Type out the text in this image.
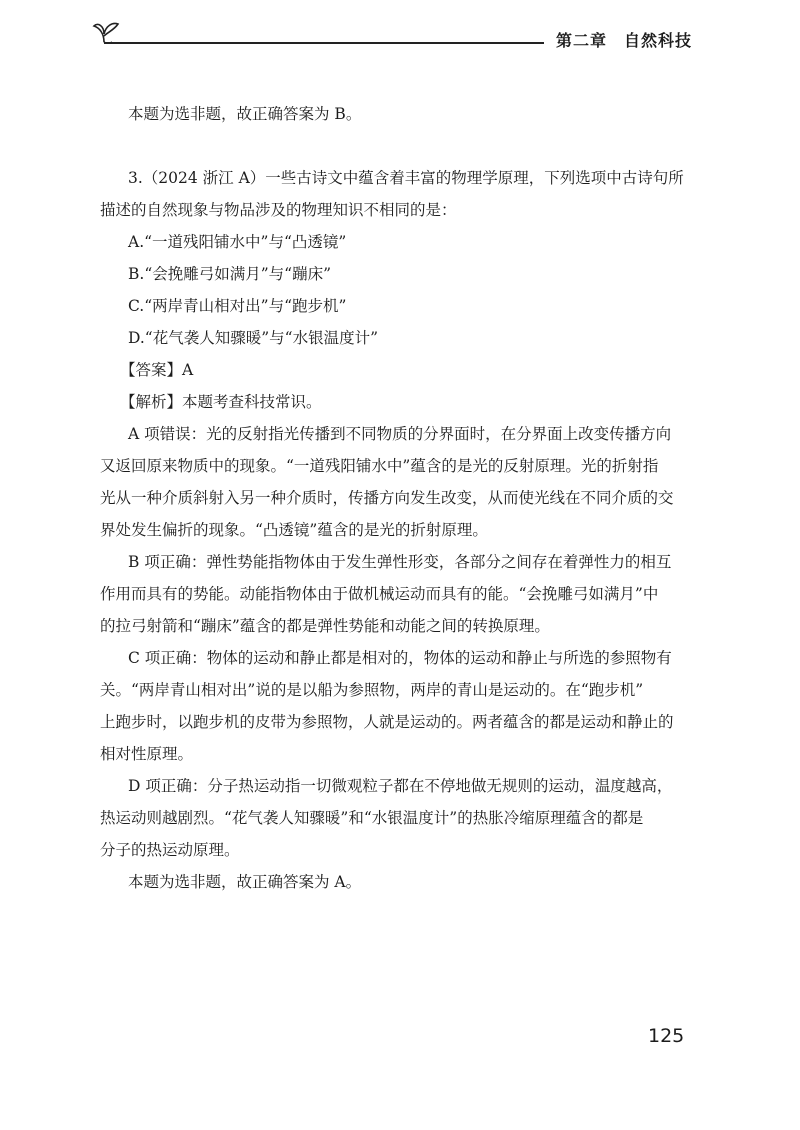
第二章　自然科技
本题为选非题，故正确答案为 B。
3.（2024 浙江 A）一些古诗文中蕴含着丰富的物理学原理，下列选项中古诗句所
描述的自然现象与物品涉及的物理知识不相同的是：
A.“一道残阳铺水中”与“凸透镜”
B.“会挽雕弓如满月”与“蹦床”
C.“两岸青山相对出”与“跑步机”
D.“花气袭人知骤暖”与“水银温度计”
【答案】A
【解析】本题考查科技常识。
A 项错误：光的反射指光传播到不同物质的分界面时，在分界面上改变传播方向
又返回原来物质中的现象。“一道残阳铺水中”蕴含的是光的反射原理。光的折射指
光从一种介质斜射入另一种介质时，传播方向发生改变，从而使光线在不同介质的交
界处发生偏折的现象。“凸透镜”蕴含的是光的折射原理。
B 项正确：弹性势能指物体由于发生弹性形变，各部分之间存在着弹性力的相互
作用而具有的势能。动能指物体由于做机械运动而具有的能。“会挽雕弓如满月”中
的拉弓射箭和“蹦床”蕴含的都是弹性势能和动能之间的转换原理。
C 项正确：物体的运动和静止都是相对的，物体的运动和静止与所选的参照物有
关。“两岸青山相对出”说的是以船为参照物，两岸的青山是运动的。在“跑步机”
上跑步时，以跑步机的皮带为参照物，人就是运动的。两者蕴含的都是运动和静止的
相对性原理。
D 项正确：分子热运动指一切微观粒子都在不停地做无规则的运动，温度越高，
热运动则越剧烈。“花气袭人知骤暖”和“水银温度计”的热胀冷缩原理蕴含的都是
分子的热运动原理。
本题为选非题，故正确答案为 A。
125
